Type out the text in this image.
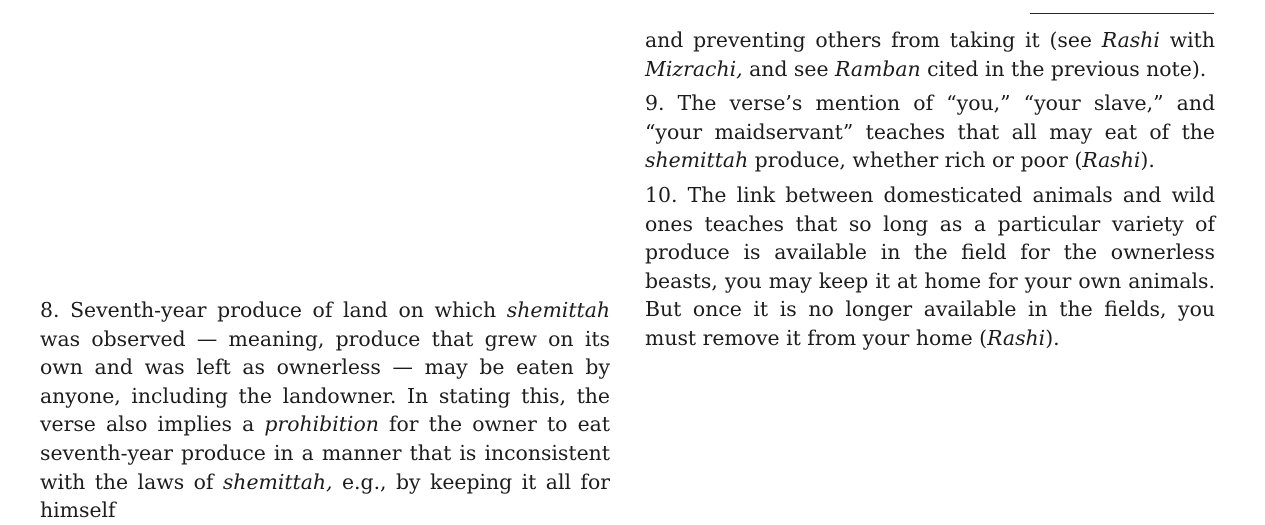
8. Seventh-year produce of land on which shemittah was observed — meaning, produce that grew on its own and was left as ownerless — may be eaten by anyone, including the landowner. In stating this, the verse also implies a prohibition for the owner to eat seventh-year produce in a manner that is inconsistent with the laws of shemittah, e.g., by keeping it all for himself

and preventing others from taking it (see Rashi with Mizrachi, and see Ramban cited in the previous note).

9. The verse’s mention of “you,” “your slave,” and “your maidservant” teaches that all may eat of the shemittah produce, whether rich or poor (Rashi).

10. The link between domesticated animals and wild ones teaches that so long as a particular variety of produce is available in the field for the ownerless beasts, you may keep it at home for your own animals. But once it is no longer available in the fields, you must remove it from your home (Rashi).
